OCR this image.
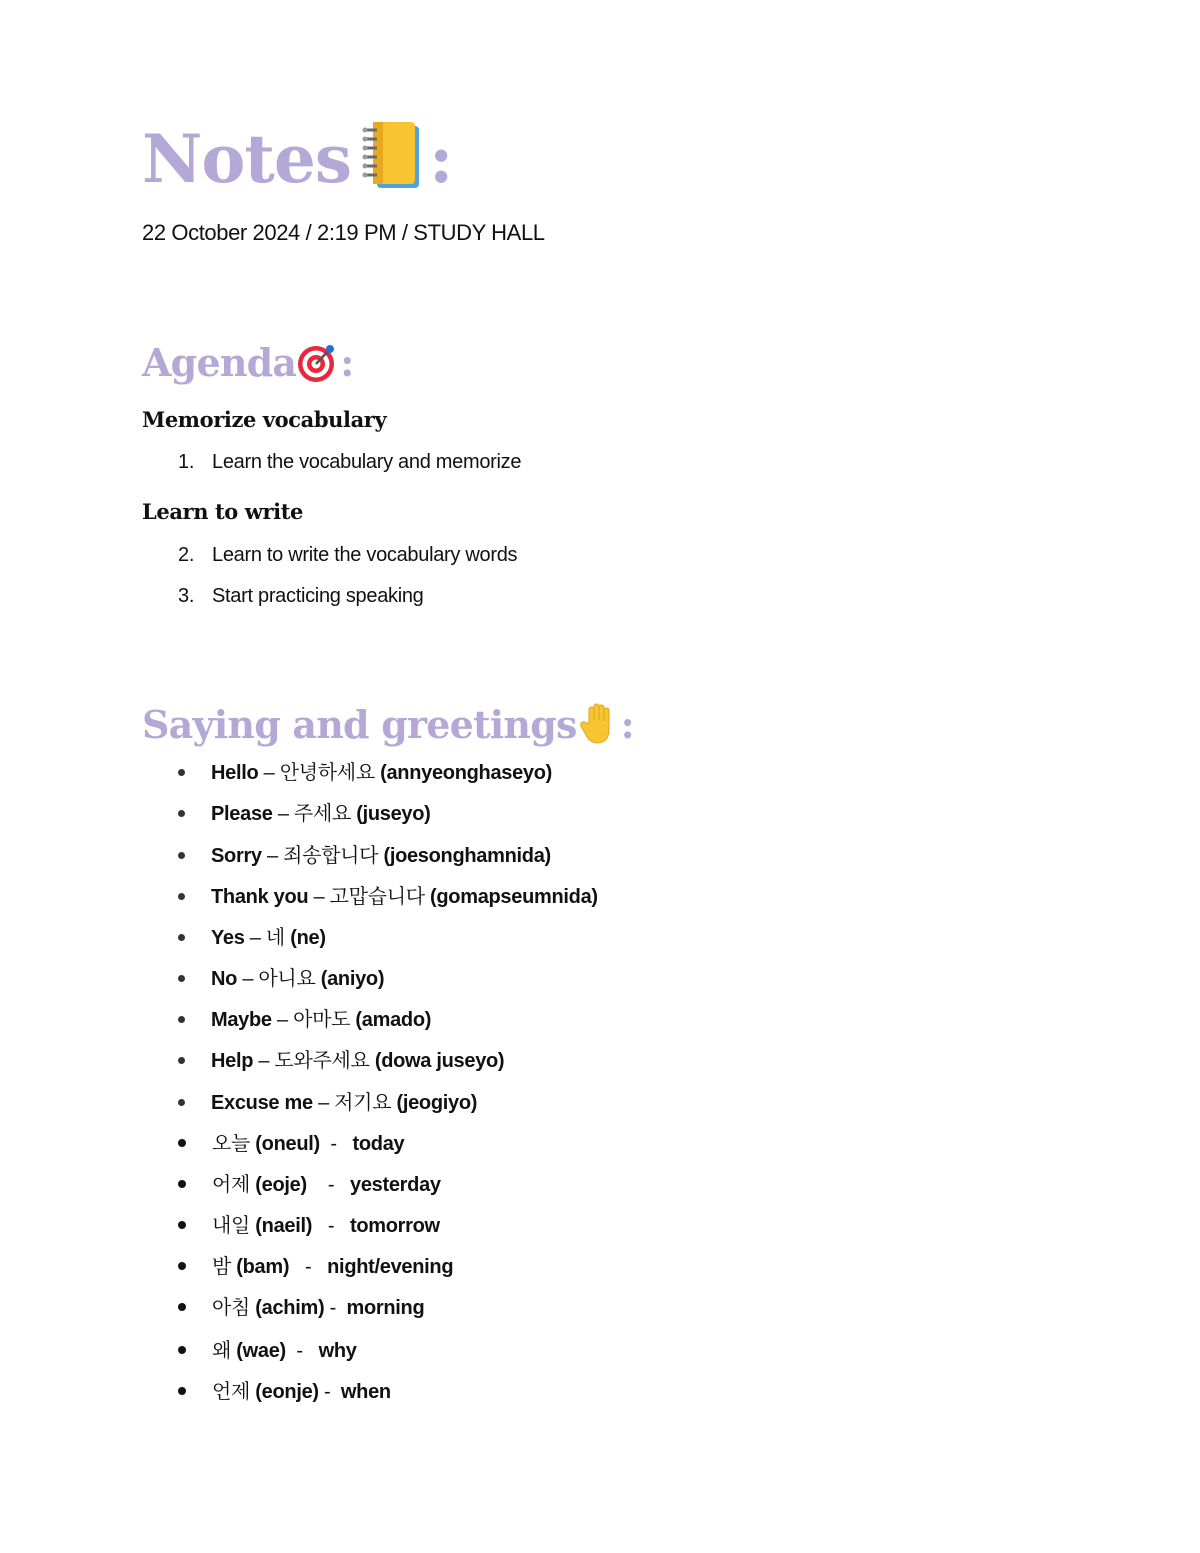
Notes :
22 October 2024 / 2:19 PM / STUDY HALL
Agenda :
Memorize vocabulary
1. Learn the vocabulary and memorize
Learn to write
2. Learn to write the vocabulary words
3. Start practicing speaking
Saying and greetings :
Hello – 안녕하세요 (annyeonghaseyo)
Please – 주세요 (juseyo)
Sorry – 죄송합니다 (joesonghamnida)
Thank you – 고맙습니다 (gomapseumnida)
Yes – 네 (ne)
No – 아니요 (aniyo)
Maybe – 아마도 (amado)
Help – 도와주세요 (dowa juseyo)
Excuse me – 저기요 (jeogiyo)
오늘 (oneul)  -   today
어제 (eoje)    -   yesterday
내일 (naeil)   -   tomorrow
밤 (bam)   -   night/evening
아침 (achim) -  morning
왜 (wae)  -   why
언제 (eonje) -  when
